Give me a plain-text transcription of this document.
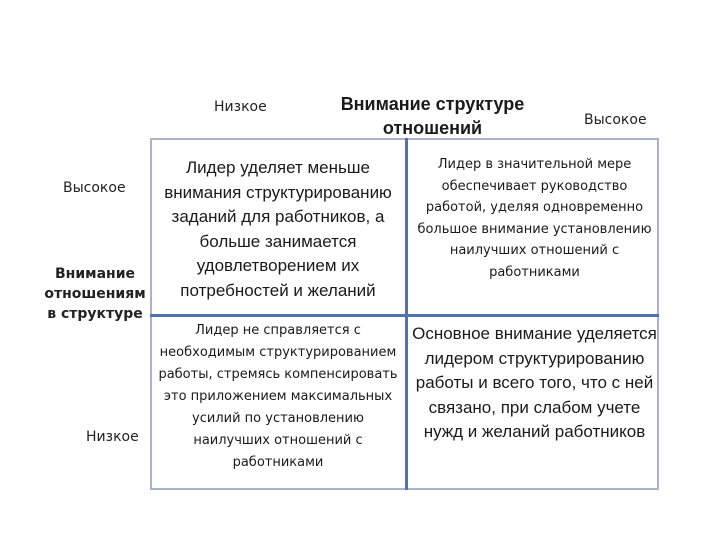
Низкое	Внимание структуре отношений	Высокое
Высокое
Внимание отношениям в структуре
Низкое
Лидер уделяет меньше внимания структурированию заданий для работников, а больше занимается удовлетворением их потребностей и желаний
Лидер в значительной мере обеспечивает руководство работой, уделяя одновременно большое внимание установлению наилучших отношений с работниками
Лидер не справляется с необходимым структурированием работы, стремясь компенсировать это приложением максимальных усилий по установлению наилучших отношений с работниками
Основное внимание уделяется лидером структурированию работы и всего того, что с ней связано, при слабом учете нужд и желаний работников
